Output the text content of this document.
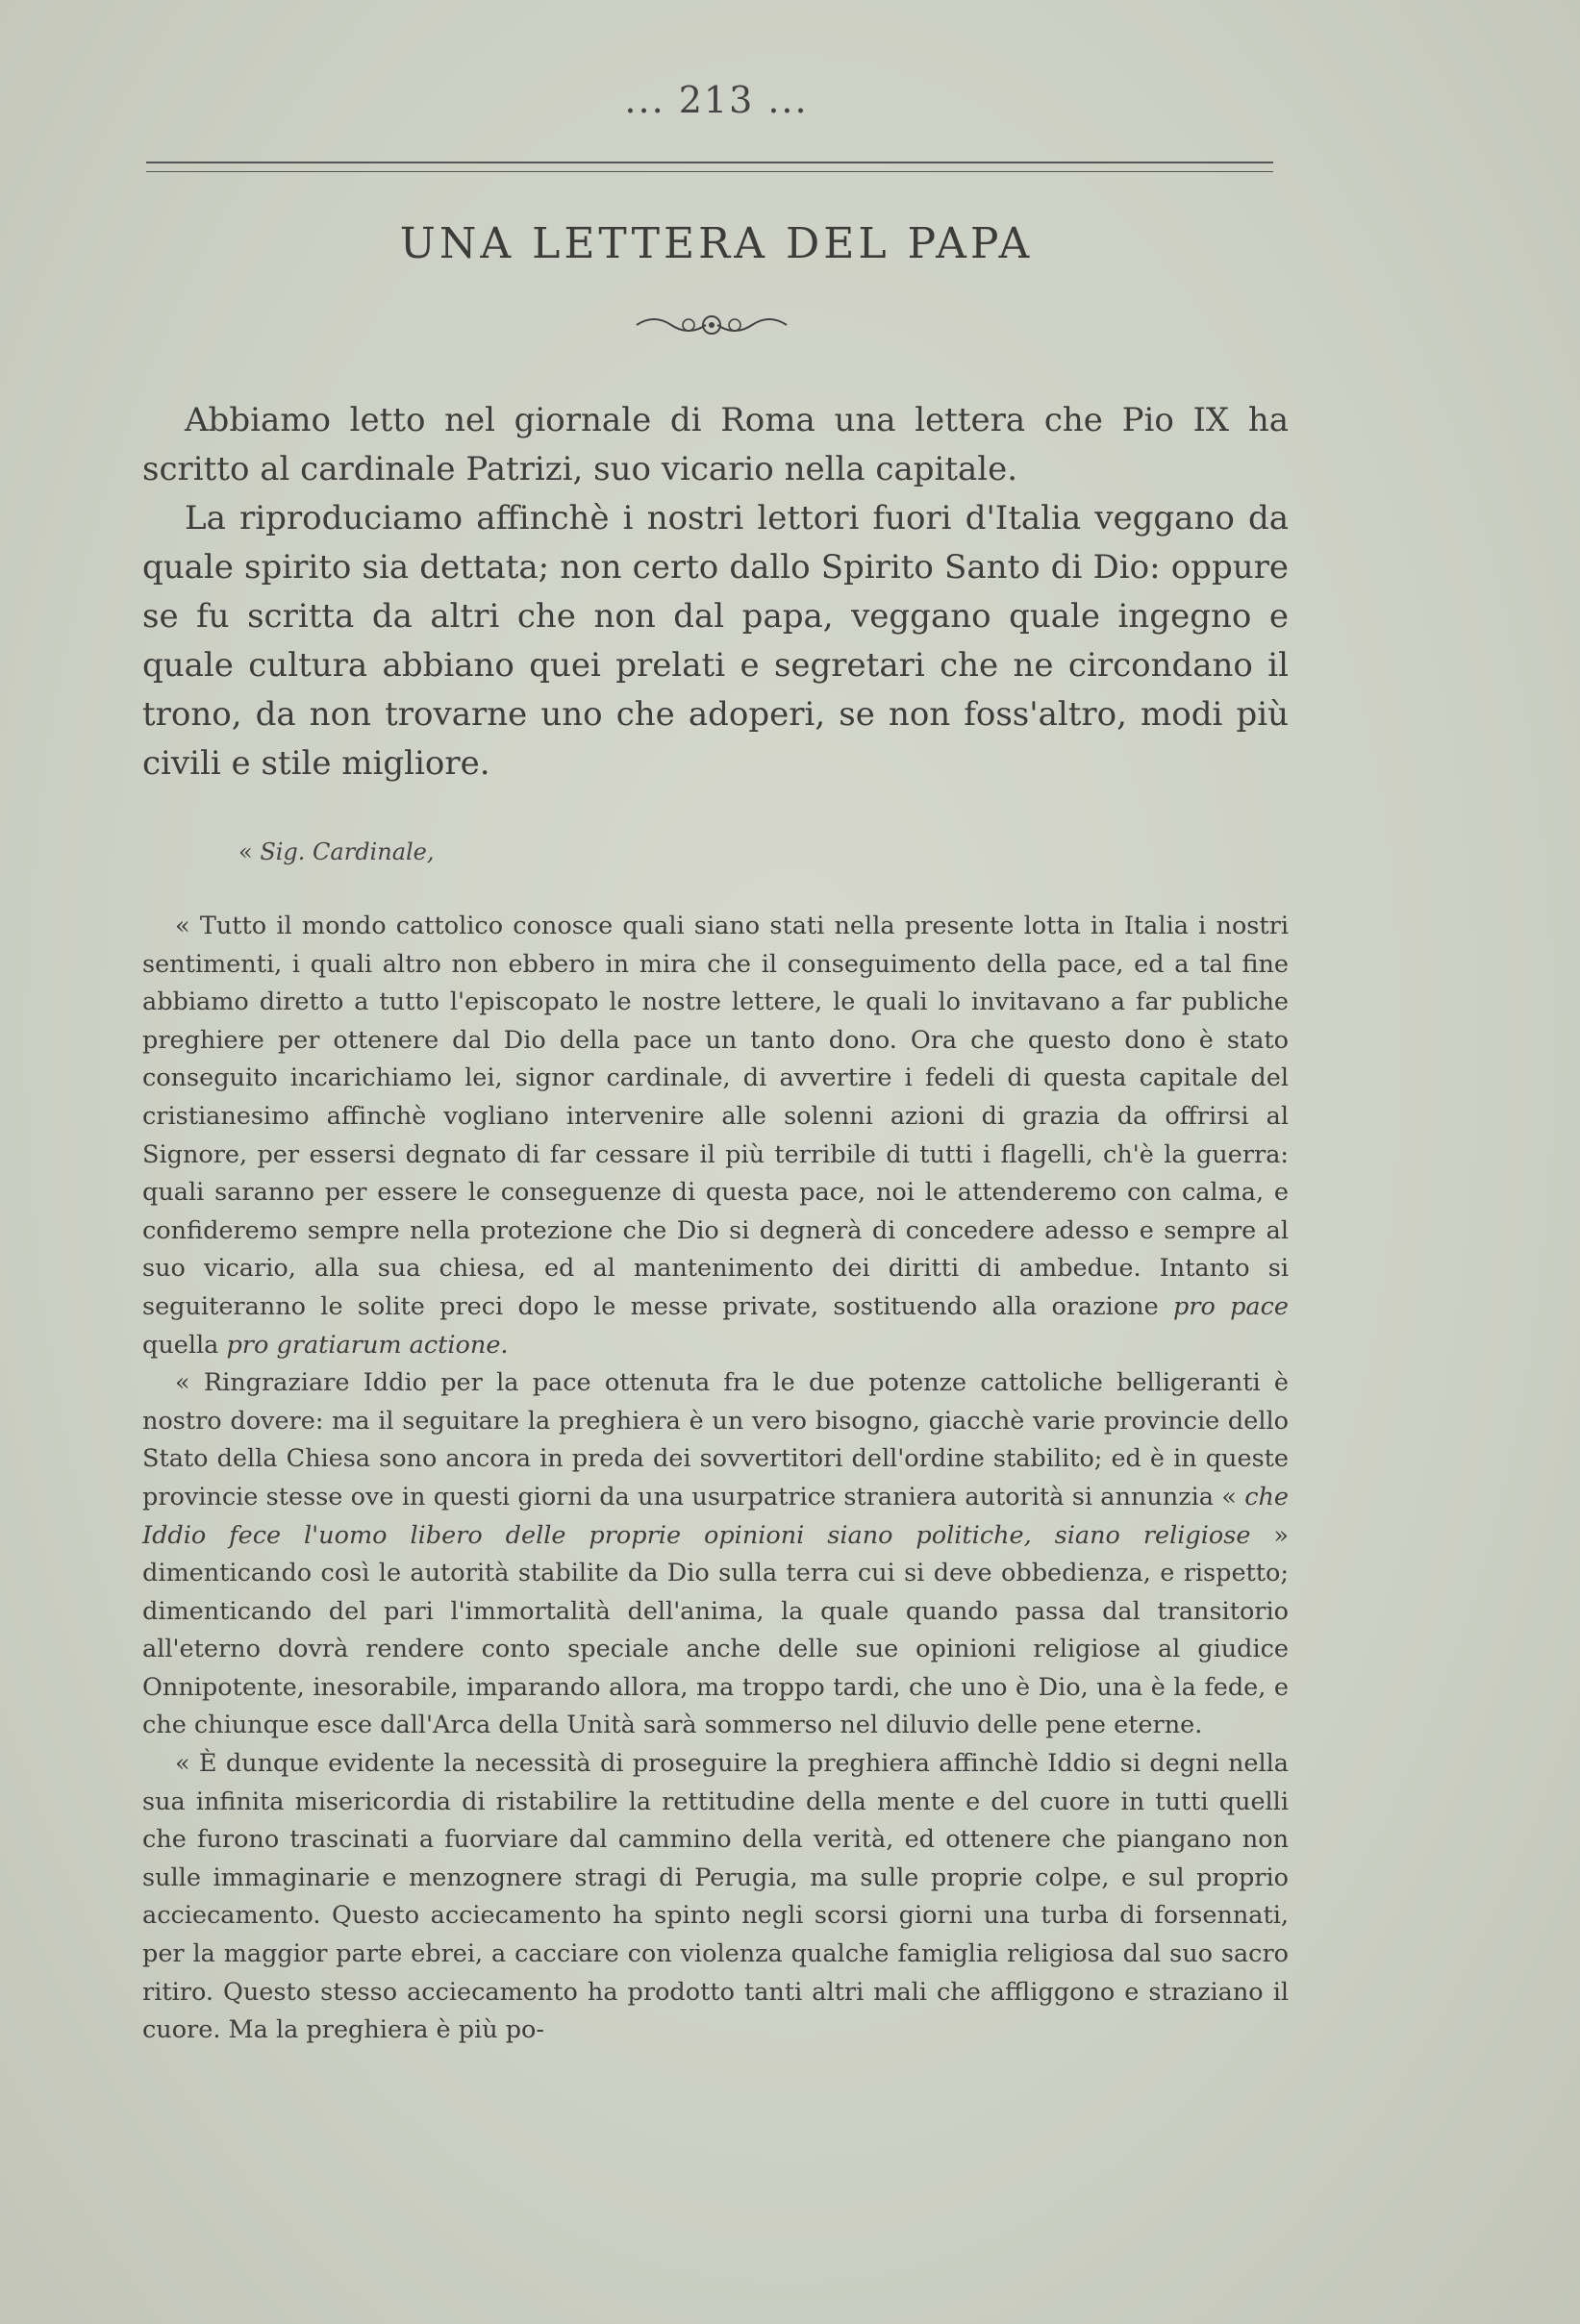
... 213 ...
UNA LETTERA DEL PAPA

Abbiamo letto nel giornale di Roma una lettera che Pio IX ha scritto al cardinale Patrizi, suo vicario nella capitale.

La riproduciamo affinchè i nostri lettori fuori d'Italia veggano da quale spirito sia dettata; non certo dallo Spirito Santo di Dio: oppure se fu scritta da altri che non dal papa, veggano quale ingegno e quale cultura abbiano quei prelati e segretari che ne circondano il trono, da non trovarne uno che adoperi, se non foss'altro, modi più civili e stile migliore.

« Sig. Cardinale,

« Tutto il mondo cattolico conosce quali siano stati nella presente lotta in Italia i nostri sentimenti, i quali altro non ebbero in mira che il conseguimento della pace, ed a tal fine abbiamo diretto a tutto l'episcopato le nostre lettere, le quali lo invitavano a far publiche preghiere per ottenere dal Dio della pace un tanto dono. Ora che questo dono è stato conseguito incarichiamo lei, signor cardinale, di avvertire i fedeli di questa capitale del cristianesimo affinchè vogliano intervenire alle solenni azioni di grazia da offrirsi al Signore, per essersi degnato di far cessare il più terribile di tutti i flagelli, ch'è la guerra: quali saranno per essere le conseguenze di questa pace, noi le attenderemo con calma, e confideremo sempre nella protezione che Dio si degnerà di concedere adesso e sempre al suo vicario, alla sua chiesa, ed al mantenimento dei diritti di ambedue. Intanto si seguiteranno le solite preci dopo le messe private, sostituendo alla orazione pro pace quella pro gratiarum actione.

« Ringraziare Iddio per la pace ottenuta fra le due potenze cattoliche belligeranti è nostro dovere: ma il seguitare la preghiera è un vero bisogno, giacchè varie provincie dello Stato della Chiesa sono ancora in preda dei sovvertitori dell'ordine stabilito; ed è in queste provincie stesse ove in questi giorni da una usurpatrice straniera autorità si annunzia « che Iddio fece l'uomo libero delle proprie opinioni siano politiche, siano religiose » dimenticando così le autorità stabilite da Dio sulla terra cui si deve obbedienza, e rispetto; dimenticando del pari l'immortalità dell'anima, la quale quando passa dal transitorio all'eterno dovrà rendere conto speciale anche delle sue opinioni religiose al giudice Onnipotente, inesorabile, imparando allora, ma troppo tardi, che uno è Dio, una è la fede, e che chiunque esce dall'Arca della Unità sarà sommerso nel diluvio delle pene eterne.

« È dunque evidente la necessità di proseguire la preghiera affinchè Iddio si degni nella sua infinita misericordia di ristabilire la rettitudine della mente e del cuore in tutti quelli che furono trascinati a fuorviare dal cammino della verità, ed ottenere che piangano non sulle immaginarie e menzognere stragi di Perugia, ma sulle proprie colpe, e sul proprio acciecamento. Questo acciecamento ha spinto negli scorsi giorni una turba di forsennati, per la maggior parte ebrei, a cacciare con violenza qualche famiglia religiosa dal suo sacro ritiro. Questo stesso acciecamento ha prodotto tanti altri mali che affliggono e straziano il cuore. Ma la preghiera è più po-
